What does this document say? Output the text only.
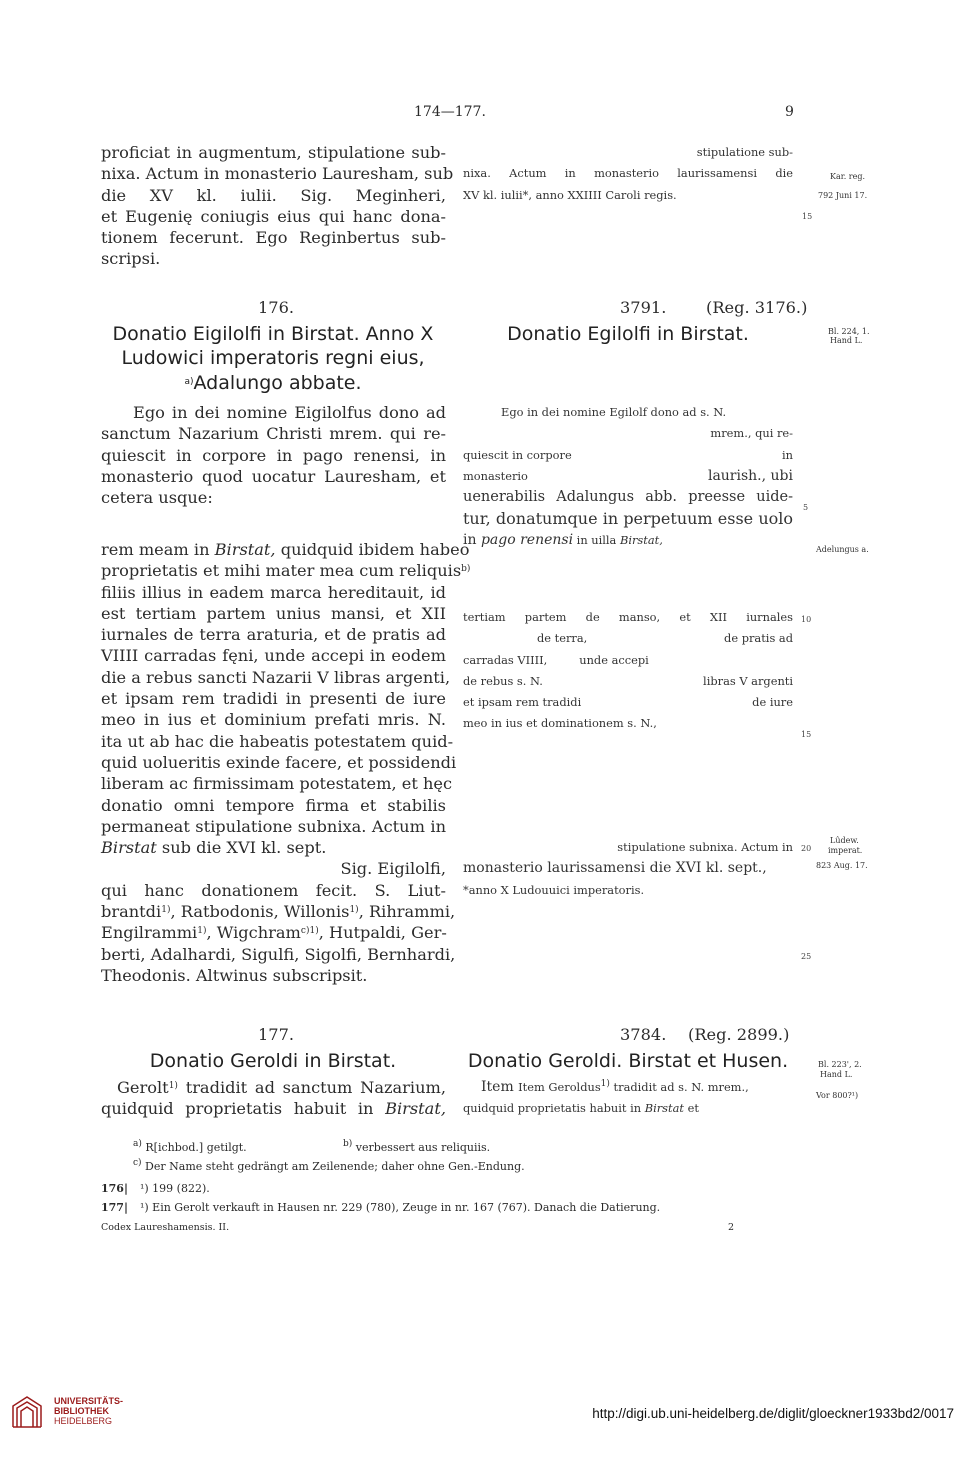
174—177.	9
proficiat in augmentum, stipulatione sub-
nixa. Actum in monasterio Lauresham, sub
die XV kl. iulii. Sig. Meginheri,
et Eugenię coniugis eius qui hanc dona-
tionem fecerunt. Ego Reginbertus sub-
scripsi.
176.
Donatio Eigilolfi in Birstat. Anno X
Ludowici imperatoris regni eius,
$^{a)}$Adalungo abbate.
Ego in dei nomine Eigilolfus dono ad
sanctum Nazarium Christi mrem. qui re-
quiescit in corpore in pago renensi, in
monasterio quod uocatur Lauresham, et
cetera usque:
rem meam in Birstat, quidquid ibidem habeo
proprietatis et mihi mater mea cum reliquis$^{b)}$
filiis illius in eadem marca hereditauit, id
est tertiam partem unius mansi, et XII
iurnales de terra araturia, et de pratis ad
VIIII carradas fęni, unde accepi in eodem
die a rebus sancti Nazarii V libras argenti,
et ipsam rem tradidi in presenti de iure
meo in ius et dominium prefati mris. N.
ita ut ab hac die habeatis potestatem quid-
quid uolueritis exinde facere, et possidendi
liberam ac firmissimam potestatem, et hęc
donatio omni tempore firma et stabilis
permaneat stipulatione subnixa. Actum in
Birstat sub die XVI kl. sept.
Sig. Eigilolfi,
qui hanc donationem fecit. S. Liut-
brantdi$^{1)}$, Ratbodonis, Willonis$^{1)}$, Rihrammi,
Engilrammi$^{1)}$, Wigchram$^{c)1)}$, Hutpaldi, Ger-
berti, Adalhardi, Sigulfi, Sigolfi, Bernhardi,
Theodonis. Altwinus subscripsit.
177.
Donatio Geroldi in Birstat.
Gerolt$^{1)}$ tradidit ad sanctum Nazarium,
quidquid proprietatis habuit in Birstat,
stipulatione sub-
nixa. Actum in monasterio laurissamensi die
XV kl. iulii*, anno XXIIII Caroli regis.
3791. (Reg. 3176.)
Donatio Egilolfi in Birstat.
Ego in dei nomine Egilolf dono ad s. N.
mrem., qui re-
quiescit in corpore	in
monasterio	laurish., ubi
uenerabilis Adalungus abb. preesse uide-
tur, donatumque in perpetuum esse uolo
in pago renensi in uilla Birstat,
tertiam partem de manso, et XII iurnales
de terra,	de pratis ad
carradas VIIII,	unde accepi
de rebus s. N.	libras V argenti
et ipsam rem tradidi	de iure
meo in ius et dominationem s. N.,
stipulatione subnixa. Actum in
monasterio laurissamensi die XVI kl. sept.,
*anno X Ludouuici imperatoris.
3784. (Reg. 2899.)
Donatio Geroldi. Birstat et Husen.
Item Item Geroldus$^{1)}$ tradidit ad s. N. mrem.,
quidquid proprietatis habuit in Birstat et
Kar. reg.
792 Juni 17.
15
Bl. 224, 1.
Hand L.
5
Adelungus a.
10
15
20
Lûdew.
imperat.
823 Aug. 17.
25
Bl. 223', 2.
Hand L.
Vor 800?¹)
$^{a)}$ R[ichbod.] getilgt.	$^{b)}$ verbessert aus reliquiis.
$^{c)}$ Der Name steht gedrängt am Zeilenende; daher ohne Gen.-Endung.
176| ¹) 199 (822).
177| ¹) Ein Gerolt verkauft in Hausen nr. 229 (780), Zeuge in nr. 167 (767). Danach die Datierung.
Codex Laureshamensis. II.	2
UNIVERSITÄTS-
BIBLIOTHEK
HEIDELBERG	http://digi.ub.uni-heidelberg.de/diglit/gloeckner1933bd2/0017
